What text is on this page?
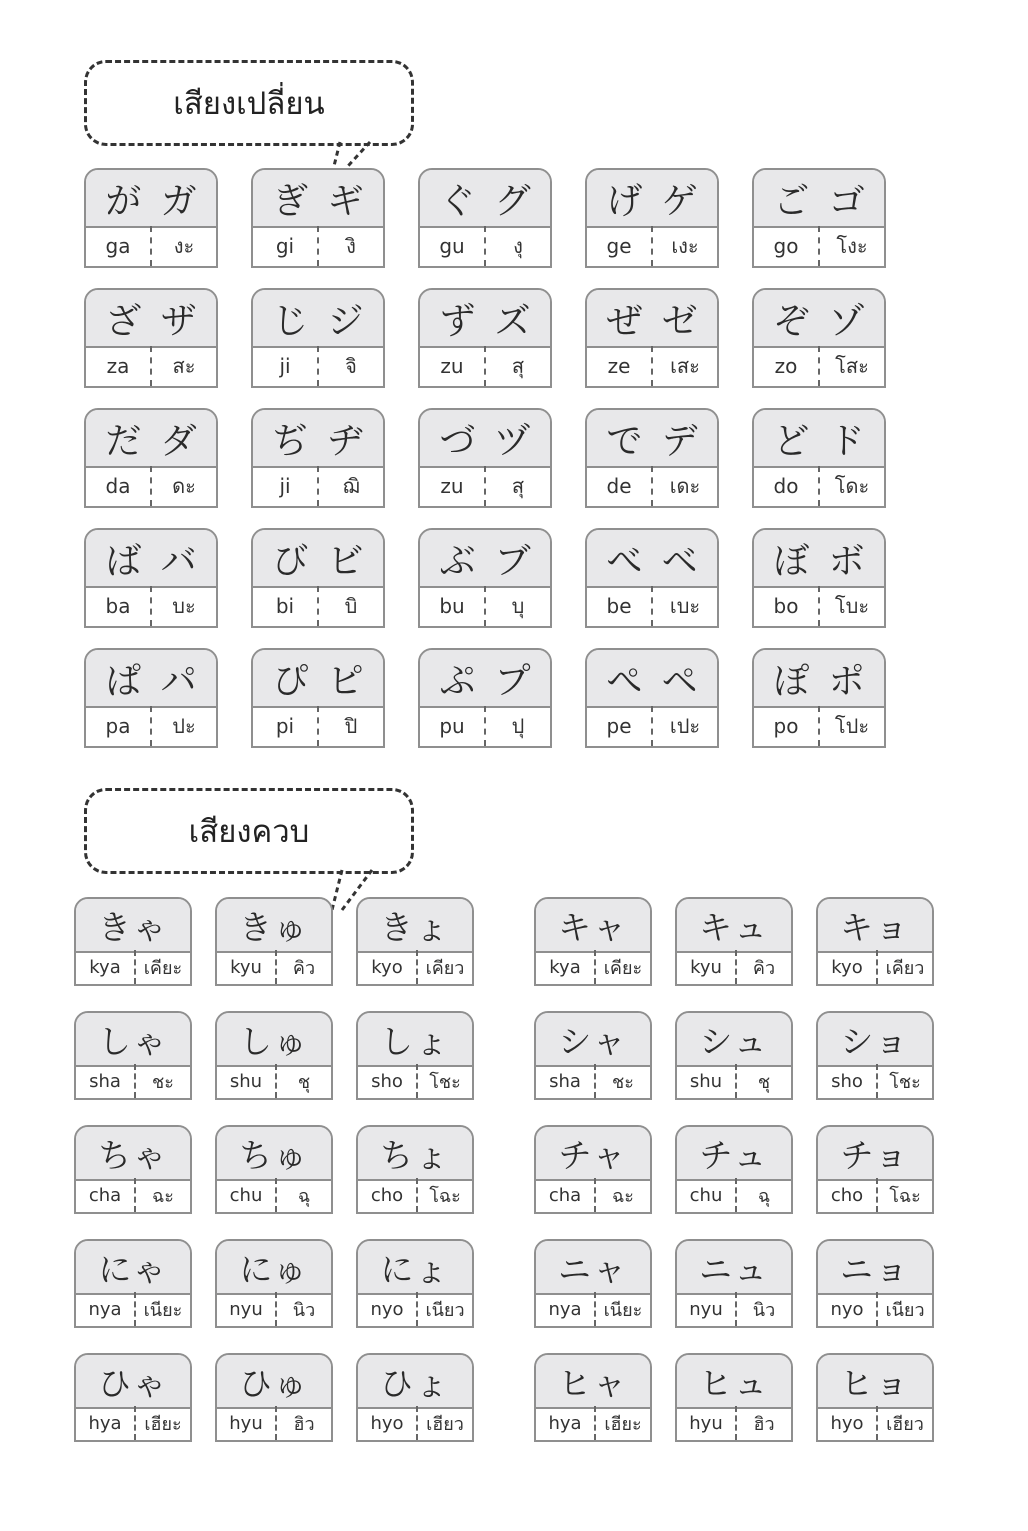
เสียงเปลี่ยน
が ガ
ga	งะ
ぎ ギ
gi	งิ
ぐ グ
gu	งุ
げ ゲ
ge	เงะ
ご ゴ
go	โงะ
ざ ザ
za	สะ
じ ジ
ji	จิ
ず ズ
zu	สุ
ぜ ゼ
ze	เสะ
ぞ ゾ
zo	โสะ
だ ダ
da	ดะ
ぢ ヂ
ji	ฌิ
づ ヅ
zu	สุ
で デ
de	เดะ
ど ド
do	โดะ
ば バ
ba	บะ
び ビ
bi	บิ
ぶ ブ
bu	บุ
べ ベ
be	เบะ
ぼ ボ
bo	โบะ
ぱ パ
pa	ปะ
ぴ ピ
pi	ปิ
ぷ プ
pu	ปุ
ぺ ペ
pe	เปะ
ぽ ポ
po	โปะ
เสียงควบ
きゃ
kya	เคียะ
きゅ
kyu	คิว
きょ
kyo	เคียว
しゃ
sha	ชะ
しゅ
shu	ชุ
しょ
sho	โชะ
ちゃ
cha	ฉะ
ちゅ
chu	ฉุ
ちょ
cho	โฉะ
にゃ
nya	เนียะ
にゅ
nyu	นิว
にょ
nyo	เนียว
ひゃ
hya	เฮียะ
ひゅ
hyu	ฮิว
ひょ
hyo	เฮียว
キャ
kya	เคียะ
キュ
kyu	คิว
キョ
kyo	เคียว
シャ
sha	ชะ
シュ
shu	ชุ
ショ
sho	โชะ
チャ
cha	ฉะ
チュ
chu	ฉุ
チョ
cho	โฉะ
ニャ
nya	เนียะ
ニュ
nyu	นิว
ニョ
nyo	เนียว
ヒャ
hya	เฮียะ
ヒュ
hyu	ฮิว
ヒョ
hyo	เฮียว
